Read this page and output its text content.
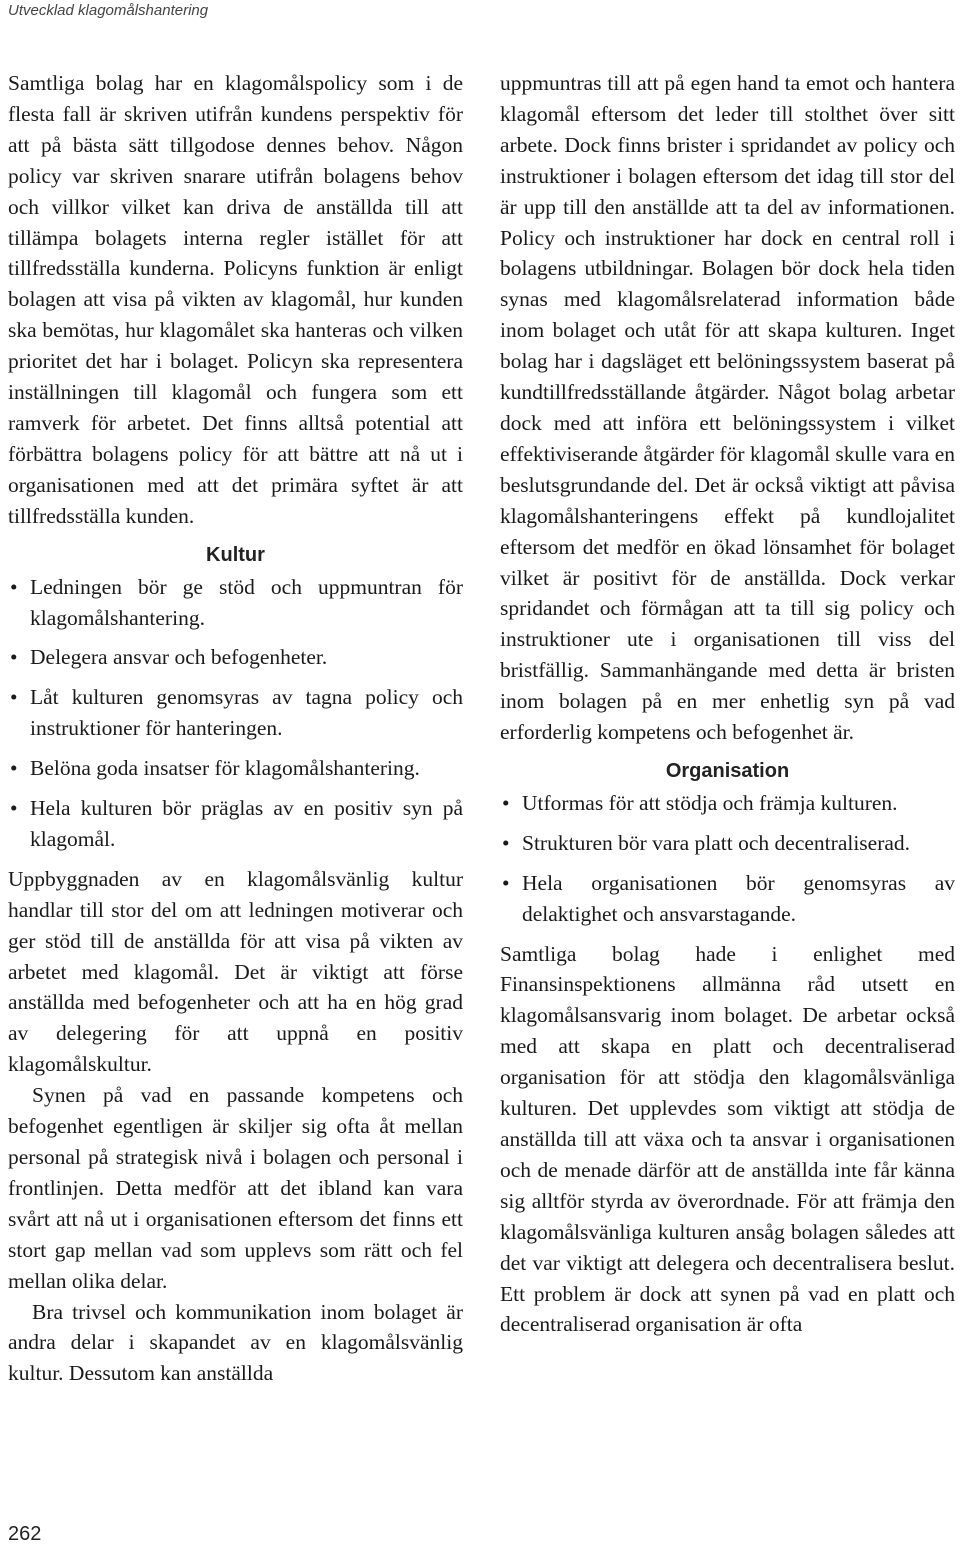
Utvecklad klagomålshantering

Samtliga bolag har en klagomålspolicy som i de flesta fall är skriven utifrån kundens perspektiv för att på bästa sätt tillgodose dennes behov. Någon policy var skriven snarare utifrån bolagens behov och villkor vilket kan driva de anställda till att tillämpa bolagets interna regler istället för att tillfredsställa kunderna. Policyns funktion är enligt bolagen att visa på vikten av klagomål, hur kunden ska bemötas, hur klagomålet ska hanteras och vilken prioritet det har i bolaget. Policyn ska representera inställningen till klagomål och fungera som ett ramverk för arbetet. Det finns alltså potential att förbättra bolagens policy för att bättre att nå ut i organisationen med att det primära syftet är att tillfredsställa kunden.

Kultur
• Ledningen bör ge stöd och uppmuntran för klagomålshantering.
• Delegera ansvar och befogenheter.
• Låt kulturen genomsyras av tagna policy och instruktioner för hanteringen.
• Belöna goda insatser för klagomålshantering.
• Hela kulturen bör präglas av en positiv syn på klagomål.

Uppbyggnaden av en klagomålsvänlig kultur handlar till stor del om att ledningen motiverar och ger stöd till de anställda för att visa på vikten av arbetet med klagomål. Det är viktigt att förse anställda med befogenheter och att ha en hög grad av delegering för att uppnå en positiv klagomålskultur.

Synen på vad en passande kompetens och befogenhet egentligen är skiljer sig ofta åt mellan personal på strategisk nivå i bolagen och personal i frontlinjen. Detta medför att det ibland kan vara svårt att nå ut i organisationen eftersom det finns ett stort gap mellan vad som upplevs som rätt och fel mellan olika delar.

Bra trivsel och kommunikation inom bolaget är andra delar i skapandet av en klagomålsvänlig kultur. Dessutom kan anställda

uppmuntras till att på egen hand ta emot och hantera klagomål eftersom det leder till stolthet över sitt arbete. Dock finns brister i spridandet av policy och instruktioner i bolagen eftersom det idag till stor del är upp till den anställde att ta del av informationen. Policy och instruktioner har dock en central roll i bolagens utbildningar. Bolagen bör dock hela tiden synas med klagomålsrelaterad information både inom bolaget och utåt för att skapa kulturen. Inget bolag har i dagsläget ett belöningssystem baserat på kundtillfredsställande åtgärder. Något bolag arbetar dock med att införa ett belöningssystem i vilket effektiviserande åtgärder för klagomål skulle vara en beslutsgrundande del. Det är också viktigt att påvisa klagomålshanteringens effekt på kundlojalitet eftersom det medför en ökad lönsamhet för bolaget vilket är positivt för de anställda. Dock verkar spridandet och förmågan att ta till sig policy och instruktioner ute i organisationen till viss del bristfällig. Sammanhängande med detta är bristen inom bolagen på en mer enhetlig syn på vad erforderlig kompetens och befogenhet är.

Organisation
• Utformas för att stödja och främja kulturen.
• Strukturen bör vara platt och decentraliserad.
• Hela organisationen bör genomsyras av delaktighet och ansvarstagande.

Samtliga bolag hade i enlighet med Finansinspektionens allmänna råd utsett en klagomålsansvarig inom bolaget. De arbetar också med att skapa en platt och decentraliserad organisation för att stödja den klagomålsvänliga kulturen. Det upplevdes som viktigt att stödja de anställda till att växa och ta ansvar i organisationen och de menade därför att de anställda inte får känna sig alltför styrda av överordnade. För att främja den klagomålsvänliga kulturen ansåg bolagen således att det var viktigt att delegera och decentralisera beslut. Ett problem är dock att synen på vad en platt och decentraliserad organisation är ofta

262
